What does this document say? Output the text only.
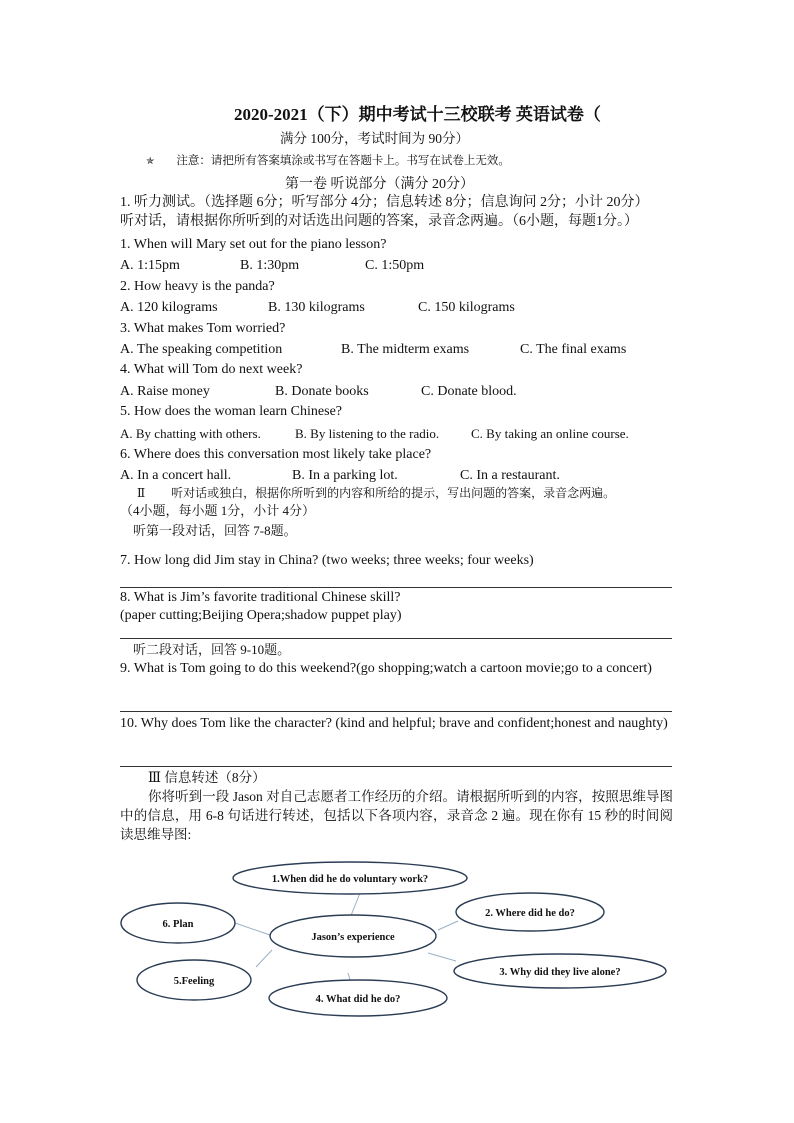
2020-2021（下）期中考试十三校联考 英语试卷（
满分 100分，考试时间为 90分）
✯ 注意：请把所有答案填涂或书写在答题卡上。书写在试卷上无效。
第一卷 听说部分（满分 20分）
1. 听力测试。（选择题 6分；听写部分 4分；信息转述 8分；信息询问 2分；小计 20分）
听对话，请根据你所听到的对话选出问题的答案，录音念两遍。（6小题，每题1分。）
1. When will Mary set out for the piano lesson?
A. 1:15pm	B. 1:30pm	C. 1:50pm
2. How heavy is the panda?
A. 120 kilograms	B. 130 kilograms	C. 150 kilograms
3. What makes Tom worried?
A. The speaking competition	B. The midterm exams	C. The final exams
4. What will Tom do next week?
A. Raise money	B. Donate books	C. Donate blood.
5. How does the woman learn Chinese?
A. By chatting with others.	B. By listening to the radio. C. By taking an online course.
6. Where does this conversation most likely take place?
A. In a concert hall.	B. In a parking lot.	C. In a restaurant.
Ⅱ 听对话或独白，根据你所听到的内容和所给的提示，写出问题的答案，录音念两遍。
（4小题，每小题 1分，小计 4分）
听第一段对话，回答 7-8题。
7. How long did Jim stay in China? (two weeks; three weeks; four weeks)
8. What is Jim’s favorite traditional Chinese skill?
(paper cutting;Beijing Opera;shadow puppet play)
听二段对话，回答 9-10题。
9. What is Tom going to do this weekend?(go shopping;watch a cartoon movie;go to a concert)
10. Why does Tom like the character? (kind and helpful; brave and confident;honest and naughty)
Ⅲ 信息转述（8分）
你将听到一段 Jason 对自己志愿者工作经历的介绍。请根据所听到的内容，按照思维导图中的信息，用 6-8 句话进行转述，包括以下各项内容，录音念 2 遍。现在你有 15 秒的时间阅读思维导图:
1.When did he do voluntary work?
2. Where did he do?
3. Why did they live alone?
4. What did he do?
5.Feeling
6. Plan
Jason’s experience
